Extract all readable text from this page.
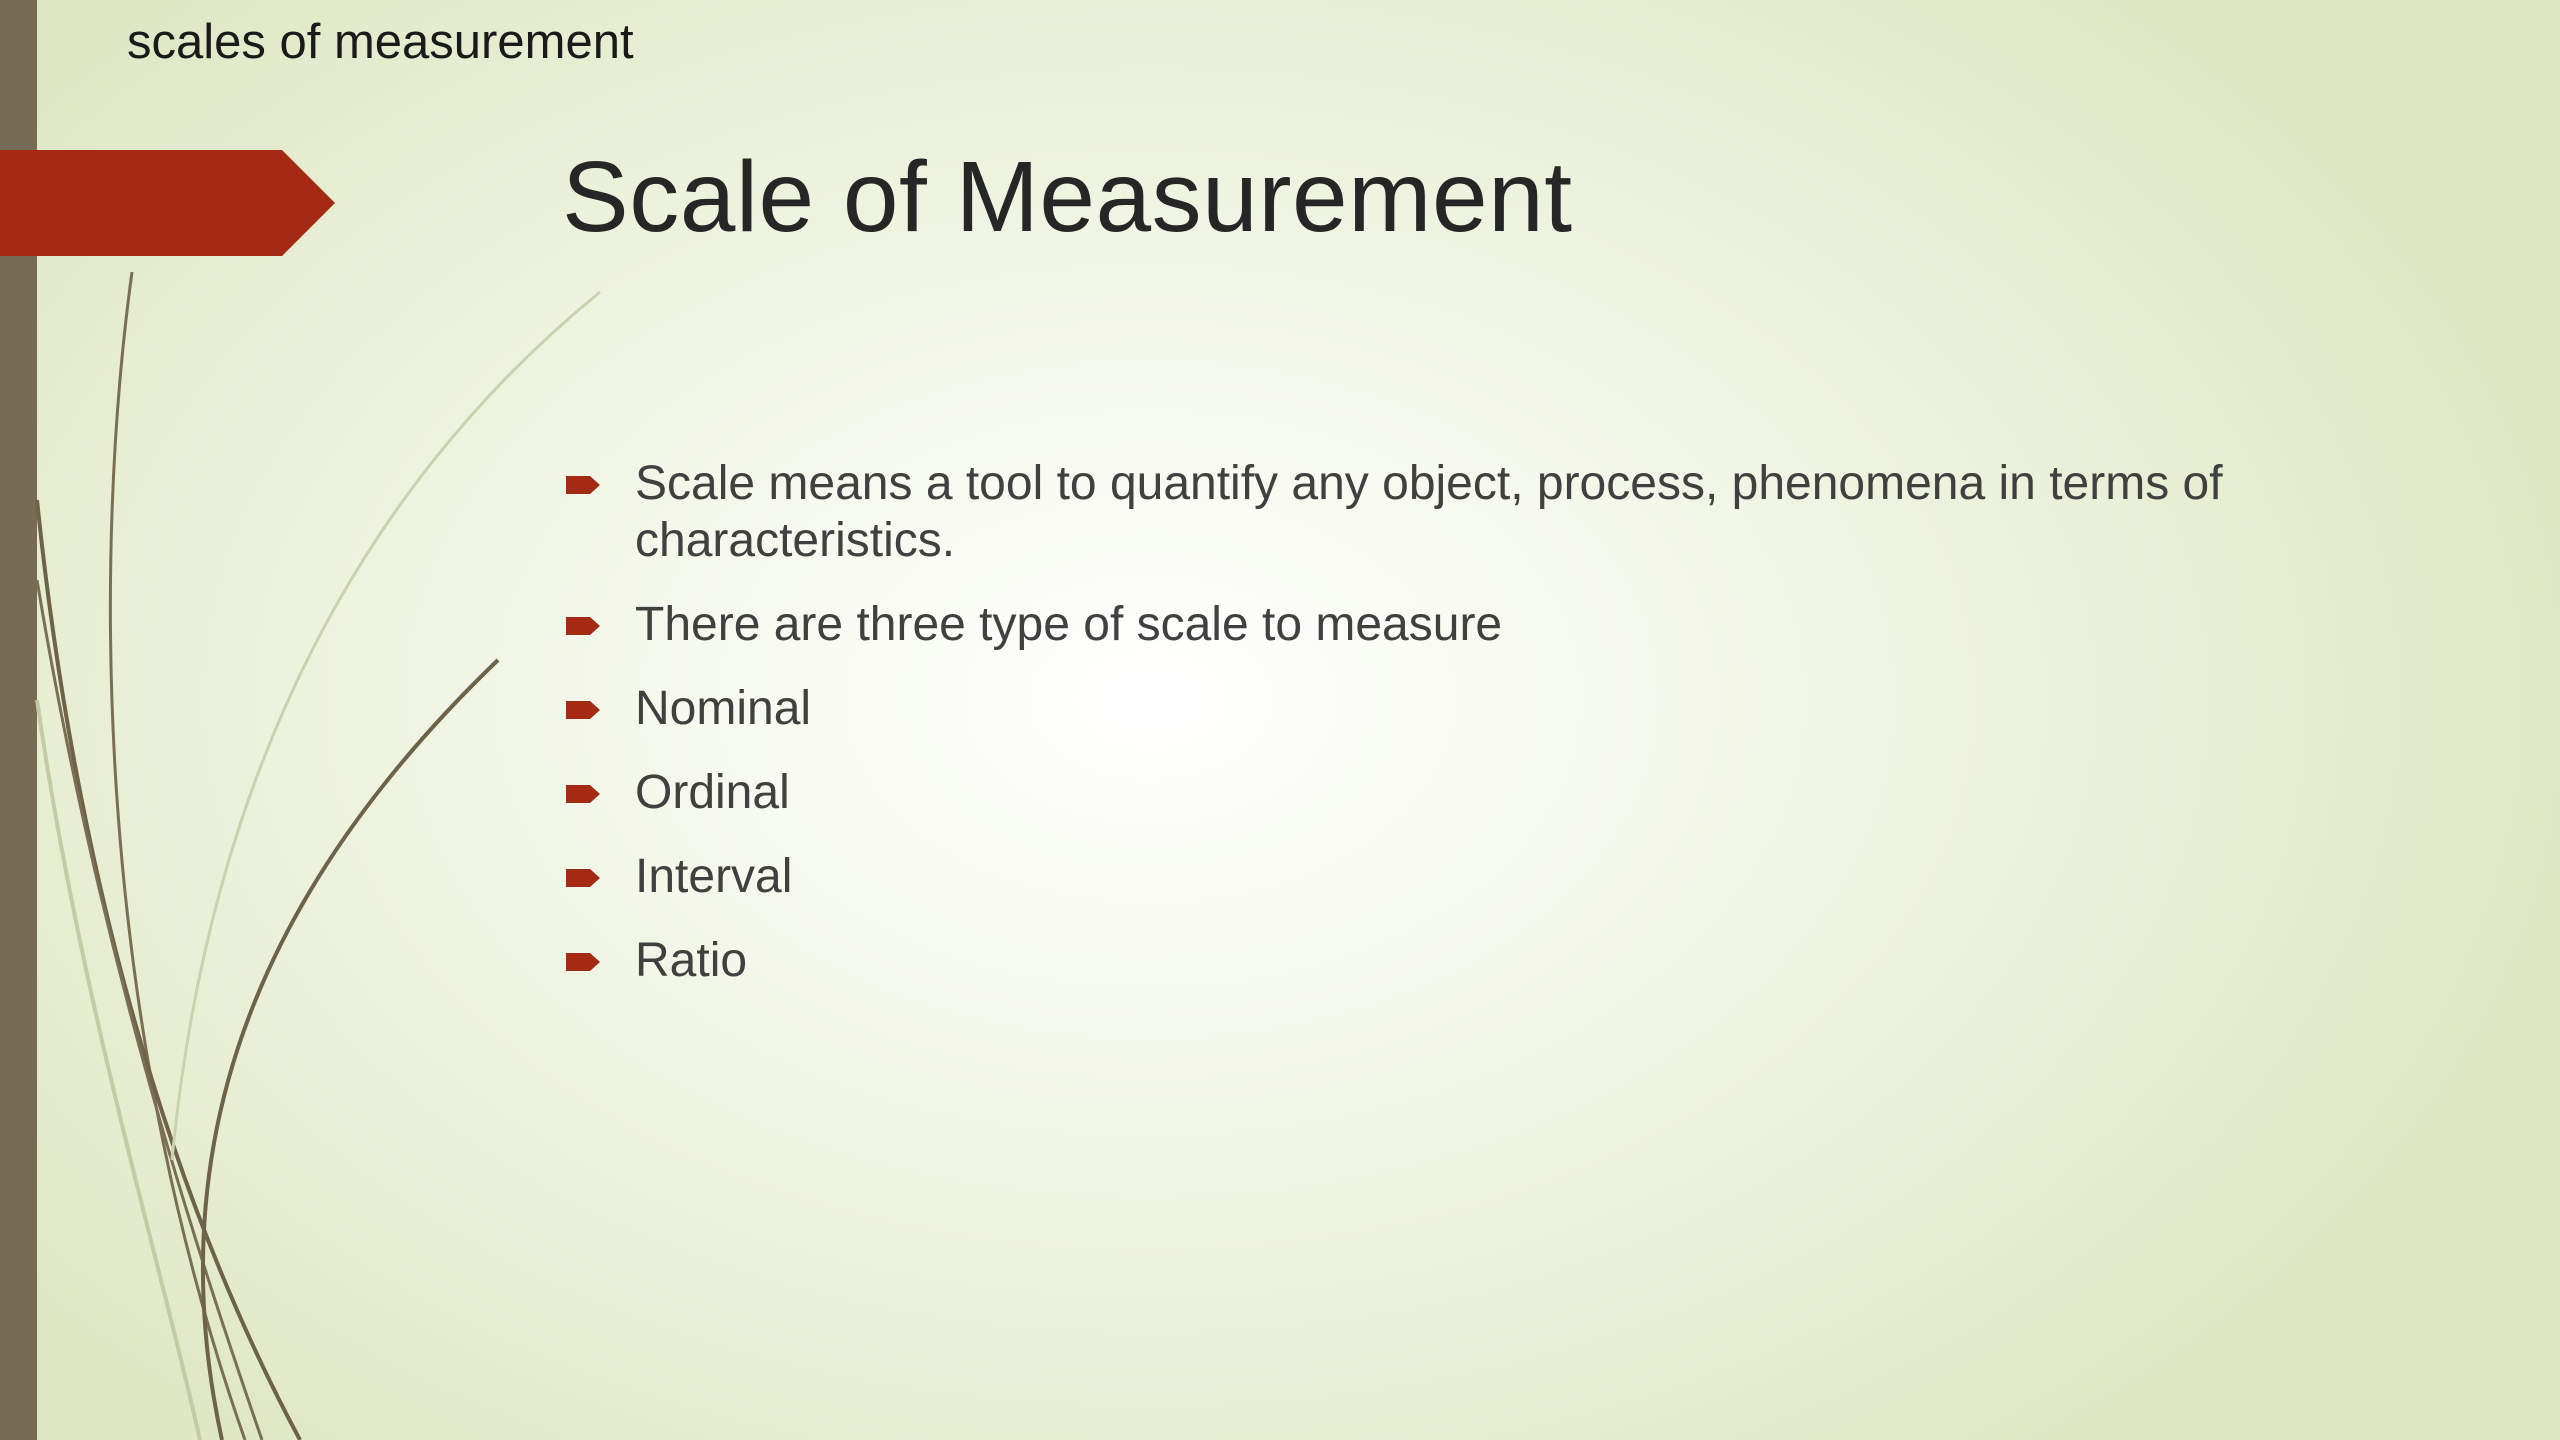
scales of measurement
Scale of Measurement
Scale means a tool to quantify any object, process, phenomena in terms of characteristics.
There are three type of scale to measure
Nominal
Ordinal
Interval
Ratio
